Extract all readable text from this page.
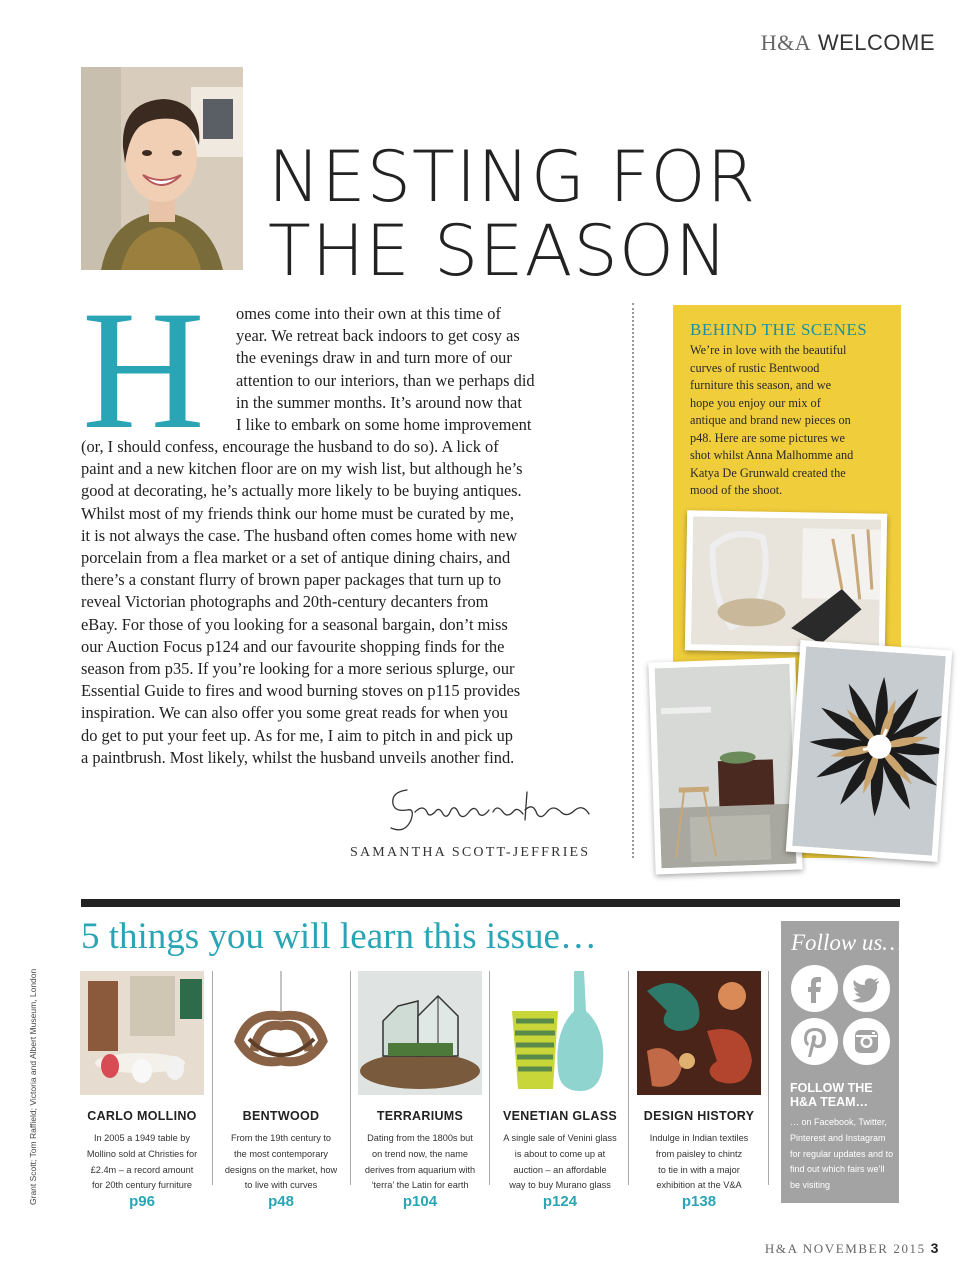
H&A WELCOME
NESTING FOR
THE SEASON
H omes come into their own at this time of
year. We retreat back indoors to get cosy as
the evenings draw in and turn more of our
attention to our interiors, than we perhaps did
in the summer months. It’s around now that
I like to embark on some home improvement
(or, I should confess, encourage the husband to do so). A lick of
paint and a new kitchen floor are on my wish list, but although he’s
good at decorating, he’s actually more likely to be buying antiques.
Whilst most of my friends think our home must be curated by me,
it is not always the case. The husband often comes home with new
porcelain from a flea market or a set of antique dining chairs, and
there’s a constant flurry of brown paper packages that turn up to
reveal Victorian photographs and 20th-century decanters from
eBay. For those of you looking for a seasonal bargain, don’t miss
our Auction Focus p124 and our favourite shopping finds for the
season from p35. If you’re looking for a more serious splurge, our
Essential Guide to fires and wood burning stoves on p115 provides
inspiration. We can also offer you some great reads for when you
do get to put your feet up. As for me, I aim to pitch in and pick up
a paintbrush. Most likely, whilst the husband unveils another find.
SAMANTHA SCOTT-JEFFRIES
BEHIND THE SCENES
We’re in love with the beautiful
curves of rustic Bentwood
furniture this season, and we
hope you enjoy our mix of
antique and brand new pieces on
p48. Here are some pictures we
shot whilst Anna Malhomme and
Katya De Grunwald created the
mood of the shoot.
5 things you will learn this issue…
Grant Scott; Tom Raffield; Victoria and Albert Museum, London	CARLO MOLLINO
In 2005 a 1949 table by
Mollino sold at Christies for
£2.4m – a record amount
for 20th century furniture
p96
BENTWOOD
From the 19th century to
the most contemporary
designs on the market, how
to live with curves
p48
TERRARIUMS
Dating from the 1800s but
on trend now, the name
derives from aquarium with
‘terra’ the Latin for earth
p104
VENETIAN GLASS
A single sale of Venini glass
is about to come up at
auction – an affordable
way to buy Murano glass
p124
DESIGN HISTORY
Indulge in Indian textiles
from paisley to chintz
to tie in with a major
exhibition at the V&A
p138
Follow us…
FOLLOW THE H&A TEAM…
… on Facebook, Twitter, Pinterest and Instagram for regular updates and to find out which fairs we’ll be visiting
H&A NOVEMBER 2015 3
